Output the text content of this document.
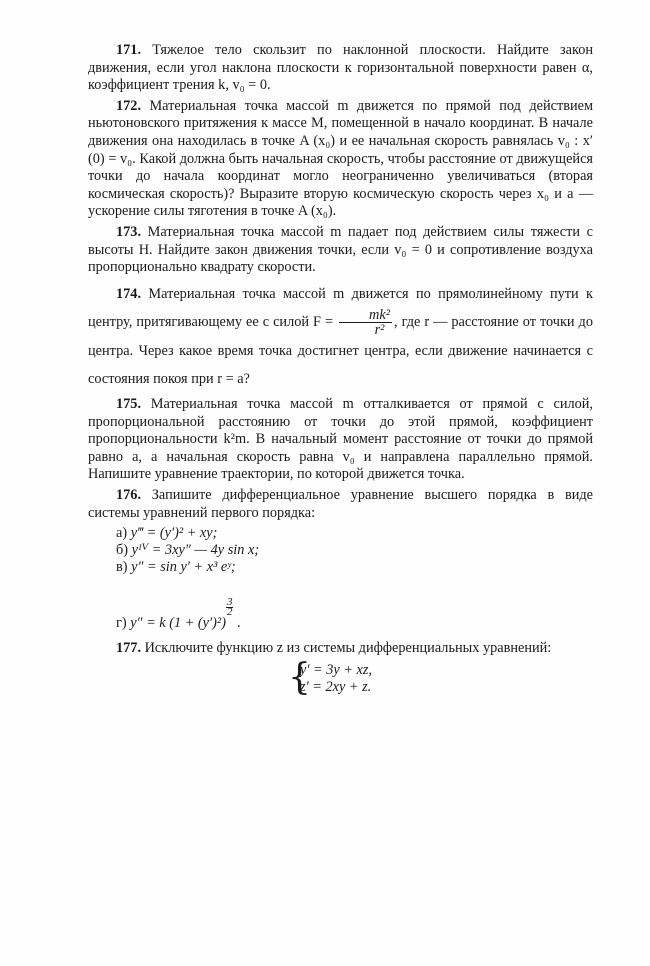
171. Тяжелое тело скользит по наклонной плоскости. Найдите закон движения, если угол наклона плоскости к горизонтальной поверхности равен α, коэффициент трения k, v₀ = 0.

172. Материальная точка массой m движется по прямой под действием ньютоновского притяжения к массе M, помещенной в начало координат. В начале движения она находилась в точке A (x₀) и ее начальная скорость равнялась v₀ : x′ (0) = v₀. Какой должна быть начальная скорость, чтобы расстояние от движущейся точки до начала координат могло неограниченно увеличиваться (вторая космическая скорость)? Выразите вторую космическую скорость через x₀ и a — ускорение силы тяготения в точке A (x₀).

173. Материальная точка массой m падает под действием силы тяжести с высоты H. Найдите закон движения точки, если v₀ = 0 и сопротивление воздуха пропорционально квадрату скорости.

174. Материальная точка массой m движется по прямолинейному пути к центру, притягивающему ее с силой $F = \frac{\text{mk²}}{\text{r²}}$ , где r — расстояние от точки до центра. Через какое время точка достигнет центра, если движение начинается с состояния покоя при r = a?

175. Материальная точка массой m отталкивается от прямой с силой, пропорциональной расстоянию от точки до этой прямой, коэффициент пропорциональности k²m. В начальный момент расстояние от точки до прямой равно a, а начальная скорость равна v₀ и направлена параллельно прямой. Напишите уравнение траектории, по которой движется точка.

176. Запишите дифференциальное уравнение высшего порядка в виде системы уравнений первого порядка:

а) y‴ = (y′)² + xy;
б) yᴵⱽ = 3xy″ — 4y sin x;
в) y″ = sin y′ + x³ eʸ;
г) y″ = k (1 + (y′)²)
$\frac{3}{2}$
.

177. Исключите функцию z из системы дифференциальных уравнений:

{
y′ = 3y + xz,
z′ = 2xy + z.
